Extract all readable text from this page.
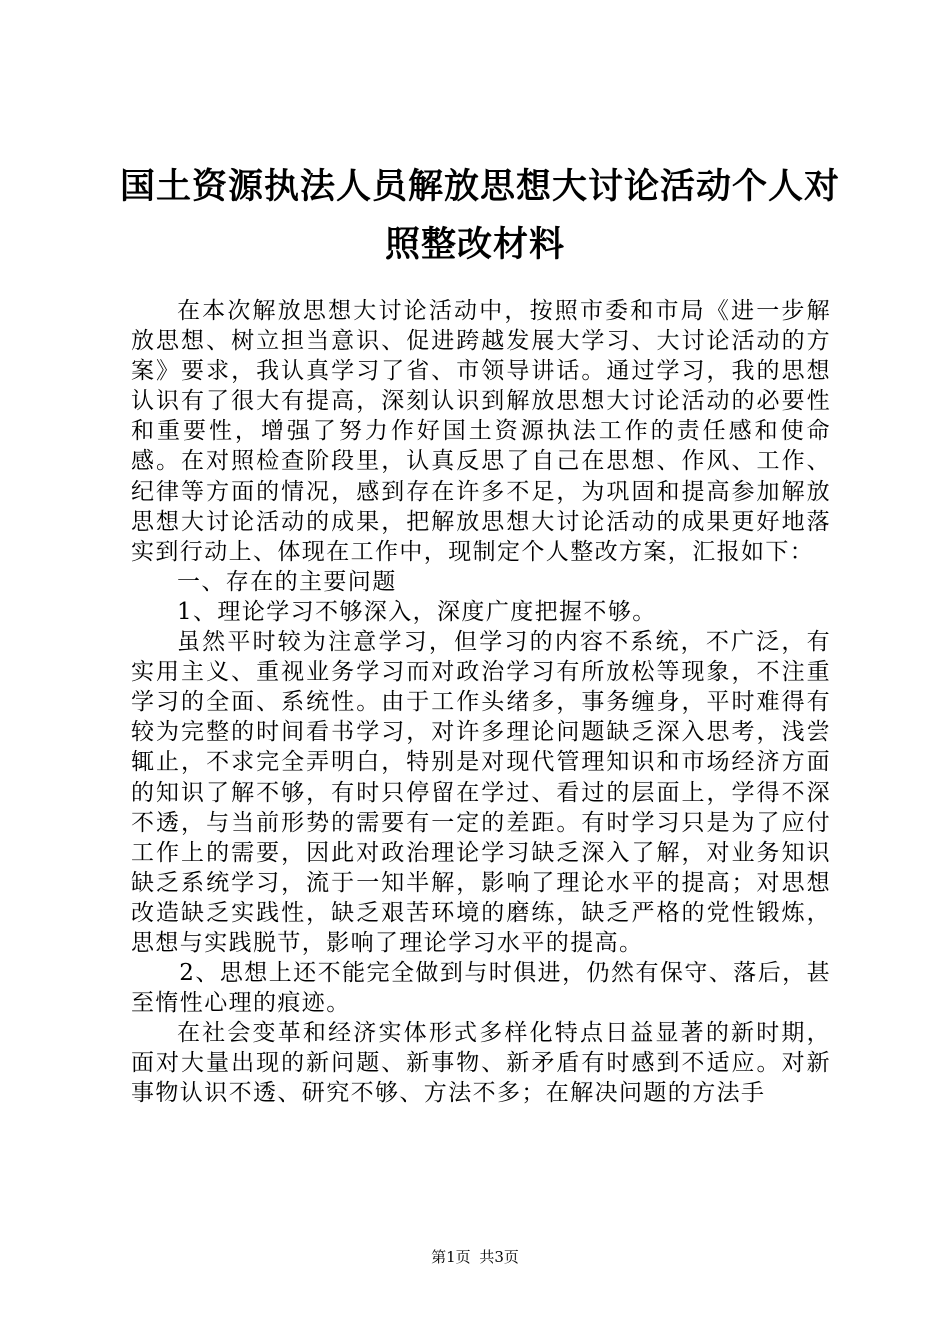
国土资源执法人员解放思想大讨论活动个人对
照整改材料

在本次解放思想大讨论活动中，按照市委和市局《进一步解放思想、树立担当意识、促进跨越发展大学习、大讨论活动的方案》要求，我认真学习了省、市领导讲话。通过学习，我的思想认识有了很大有提高，深刻认识到解放思想大讨论活动的必要性和重要性，增强了努力作好国土资源执法工作的责任感和使命感。在对照检查阶段里，认真反思了自己在思想、作风、工作、纪律等方面的情况，感到存在许多不足，为巩固和提高参加解放思想大讨论活动的成果，把解放思想大讨论活动的成果更好地落实到行动上、体现在工作中，现制定个人整改方案，汇报如下：

一、存在的主要问题

1、理论学习不够深入，深度广度把握不够。

虽然平时较为注意学习，但学习的内容不系统，不广泛，有实用主义、重视业务学习而对政治学习有所放松等现象，不注重学习的全面、系统性。由于工作头绪多，事务缠身，平时难得有较为完整的时间看书学习，对许多理论问题缺乏深入思考，浅尝辄止，不求完全弄明白，特别是对现代管理知识和市场经济方面的知识了解不够，有时只停留在学过、看过的层面上，学得不深不透，与当前形势的需要有一定的差距。有时学习只是为了应付工作上的需要，因此对政治理论学习缺乏深入了解，对业务知识缺乏系统学习，流于一知半解，影响了理论水平的提高；对思想改造缺乏实践性，缺乏艰苦环境的磨练，缺乏严格的党性锻炼，思想与实践脱节，影响了理论学习水平的提高。

2、思想上还不能完全做到与时俱进，仍然有保守、落后，甚至惰性心理的痕迹。

在社会变革和经济实体形式多样化特点日益显著的新时期，面对大量出现的新问题、新事物、新矛盾有时感到不适应。对新事物认识不透、研究不够、方法不多；在解决问题的方法手

第1页 共3页
